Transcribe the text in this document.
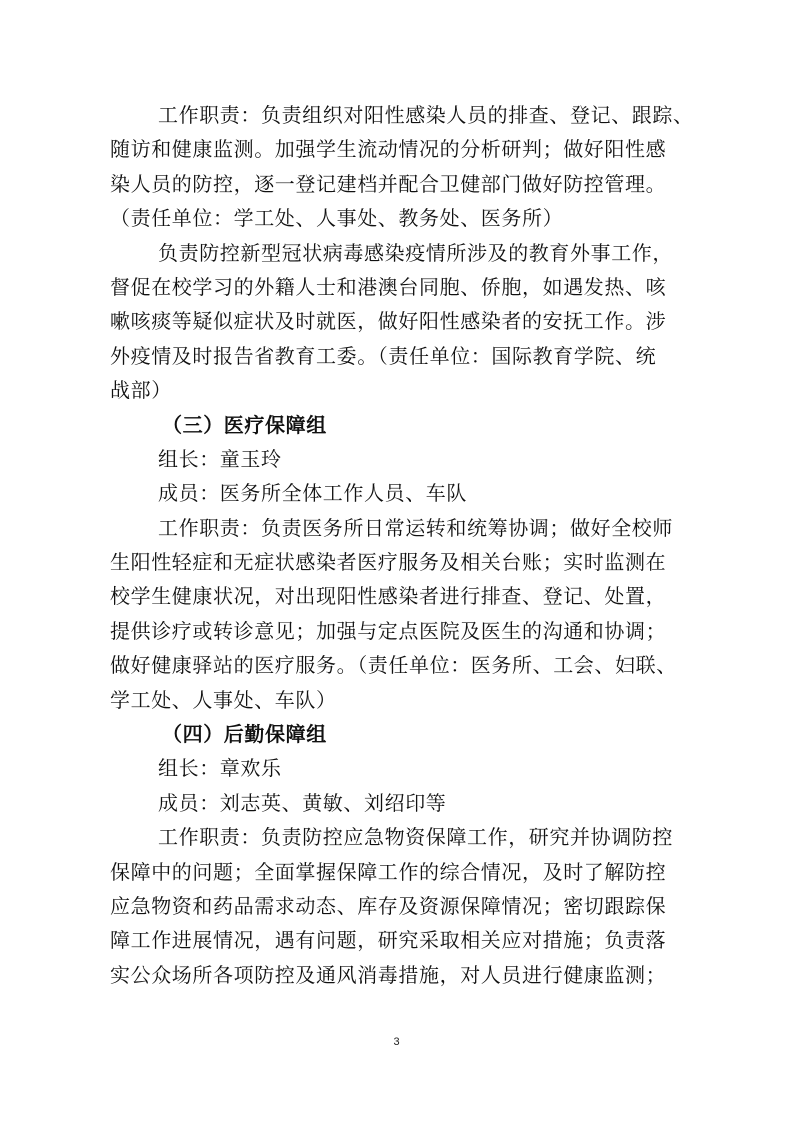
工作职责：负责组织对阳性感染人员的排查、登记、跟踪、
随访和健康监测。加强学生流动情况的分析研判；做好阳性感
染人员的防控，逐一登记建档并配合卫健部门做好防控管理。
（责任单位：学工处、人事处、教务处、医务所）
负责防控新型冠状病毒感染疫情所涉及的教育外事工作，
督促在校学习的外籍人士和港澳台同胞、侨胞，如遇发热、咳
嗽咳痰等疑似症状及时就医，做好阳性感染者的安抚工作。涉
外疫情及时报告省教育工委。（责任单位：国际教育学院、统
战部）
（三）医疗保障组
组长：童玉玲
成员：医务所全体工作人员、车队
工作职责：负责医务所日常运转和统筹协调；做好全校师
生阳性轻症和无症状感染者医疗服务及相关台账；实时监测在
校学生健康状况，对出现阳性感染者进行排查、登记、处置，
提供诊疗或转诊意见；加强与定点医院及医生的沟通和协调；
做好健康驿站的医疗服务。（责任单位：医务所、工会、妇联、
学工处、人事处、车队）
（四）后勤保障组
组长：章欢乐
成员：刘志英、黄敏、刘绍印等
工作职责：负责防控应急物资保障工作，研究并协调防控
保障中的问题；全面掌握保障工作的综合情况，及时了解防控
应急物资和药品需求动态、库存及资源保障情况；密切跟踪保
障工作进展情况，遇有问题，研究采取相关应对措施；负责落
实公众场所各项防控及通风消毒措施，对人员进行健康监测；
3
